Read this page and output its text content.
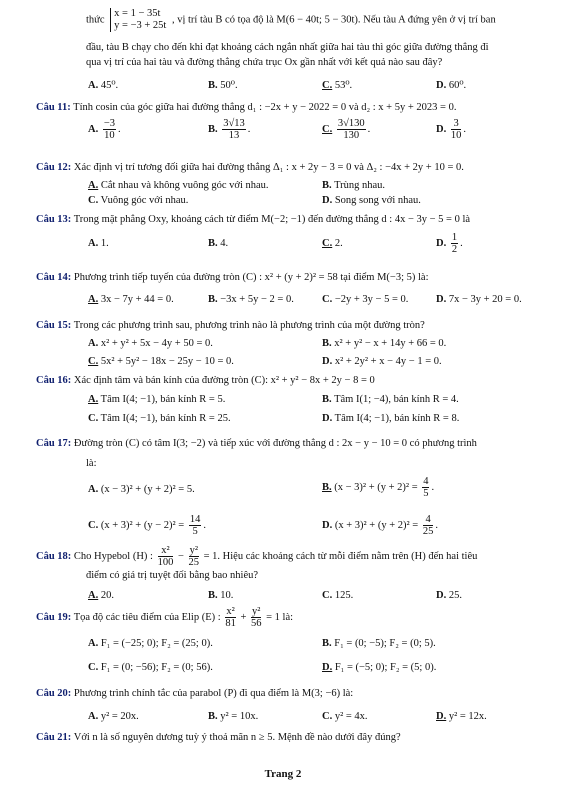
thức
x = 1 − 35t
y = −3 + 25t
, vị trí tàu B có tọa độ là M(6 − 40t; 5 − 30t). Nếu tàu A đứng yên ở vị trí ban
đầu, tàu B chạy cho đến khi đạt khoảng cách ngắn nhất giữa hai tàu thì góc giữa đường thẳng đi
qua vị trí của hai tàu và đường thẳng chứa trục Ox gần nhất với kết quả nào sau đây?
A. 45⁰.	B. 50⁰.	C. 53⁰.	D. 60⁰.
Câu 11: Tính cosin của góc giữa hai đường thẳng d₁ : −2x + y − 2022 = 0 và d₂ : x + 5y + 2023 = 0.
A. $\frac{-3}{10}$ .	B. $\frac{3√13}{13}$ .	C. $\frac{3√130}{130}$ .	D. $\frac{3}{10}$ .
Câu 12: Xác định vị trí tương đối giữa hai đường thẳng Δ₁ : x + 2y − 3 = 0 và Δ₂ : −4x + 2y + 10 = 0.
A. Cắt nhau và không vuông góc với nhau.	B. Trùng nhau.
C. Vuông góc với nhau.	D. Song song với nhau.
Câu 13: Trong mặt phẳng Oxy, khoảng cách từ điểm M(−2; −1) đến đường thẳng d : 4x − 3y − 5 = 0 là
A. 1.	B. 4.	C. 2.	D. $\frac{1}{2}$ .
Câu 14: Phương trình tiếp tuyến của đường tròn (C) : x² + (y + 2)² = 58 tại điểm M(−3; 5) là:
A. 3x − 7y + 44 = 0.	B. −3x + 5y − 2 = 0.	C. −2y + 3y − 5 = 0.	D. 7x − 3y + 20 = 0.
Câu 15: Trong các phương trình sau, phương trình nào là phương trình của một đường tròn?
A. x² + y² + 5x − 4y + 50 = 0.	B. x² + y² − x + 14y + 66 = 0.
C. 5x² + 5y² − 18x − 25y − 10 = 0.	D. x² + 2y² + x − 4y − 1 = 0.
Câu 16: Xác định tâm và bán kính của đường tròn (C): x² + y² − 8x + 2y − 8 = 0
A. Tâm I(4; −1), bán kính R = 5.	B. Tâm I(1; −4), bán kính R = 4.
C. Tâm I(4; −1), bán kính R = 25.	D. Tâm I(4; −1), bán kính R = 8.
Câu 17: Đường tròn (C) có tâm I(3; −2) và tiếp xúc với đường thẳng d : 2x − y − 10 = 0 có phương trình
là:
A. (x − 3)² + (y + 2)² = 5.	B. $(x - 3)^2 + (y + 2)^2 = \frac{4}{5}$ .
C. $(x + 3)^2 + (y - 2)^2 = \frac{14}{5}$ .	D. $(x + 3)^2 + (y + 2)^2 = \frac{4}{25}$ .
Câu 18: Cho Hypebol (H) : $\frac{\text{x²}}{100} - \frac{\text{y²}}{25} = 1$. Hiệu các khoảng cách từ mỗi điểm nằm trên (H) đến hai tiêu
điểm có giá trị tuyệt đối bằng bao nhiêu?
A. 20.	B. 10.	C. 125.	D. 25.
Câu 19: Tọa độ các tiêu điểm của Elip (E) : $\frac{\text{x²}}{81} + \frac{\text{y²}}{56} = 1$ là:
A. F₁ = (−25; 0); F₂ = (25; 0).	B. F₁ = (0; −5); F₂ = (0; 5).
C. F₁ = (0; −56); F₂ = (0; 56).	D. F₁ = (−5; 0); F₂ = (5; 0).
Câu 20: Phương trình chính tắc của parabol (P) đi qua điểm là M(3; −6) là:
A. y² = 20x.	B. y² = 10x.	C. y² = 4x.	D. y² = 12x.
Câu 21: Với n là số nguyên dương tuỳ ý thoả mãn n ≥ 5. Mệnh đề nào dưới đây đúng?
Trang 2
